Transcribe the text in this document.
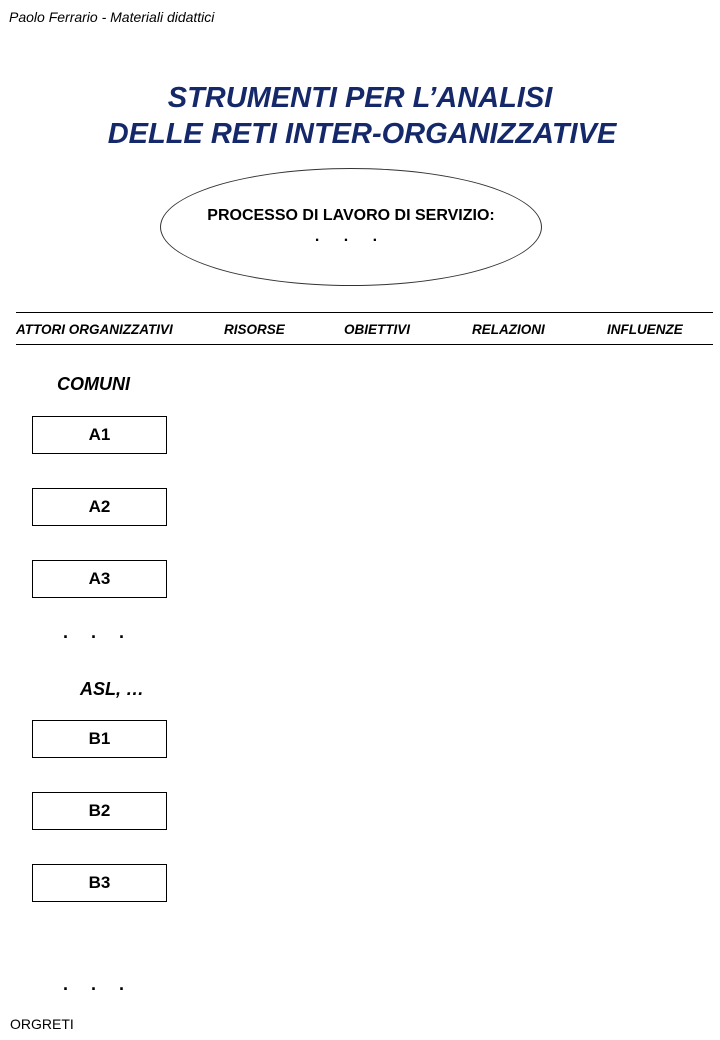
Paolo Ferrario - Materiali didattici
STRUMENTI PER L’ANALISI
DELLE RETI INTER-ORGANIZZATIVE
PROCESSO DI LAVORO DI SERVIZIO:
. . .
ATTORI ORGANIZZATIVI	RISORSE	OBIETTIVI	RELAZIONI	INFLUENZE
COMUNI
A1
A2
A3
. . .
ASL, …
B1
B2
B3
. . .
ORGRETI
